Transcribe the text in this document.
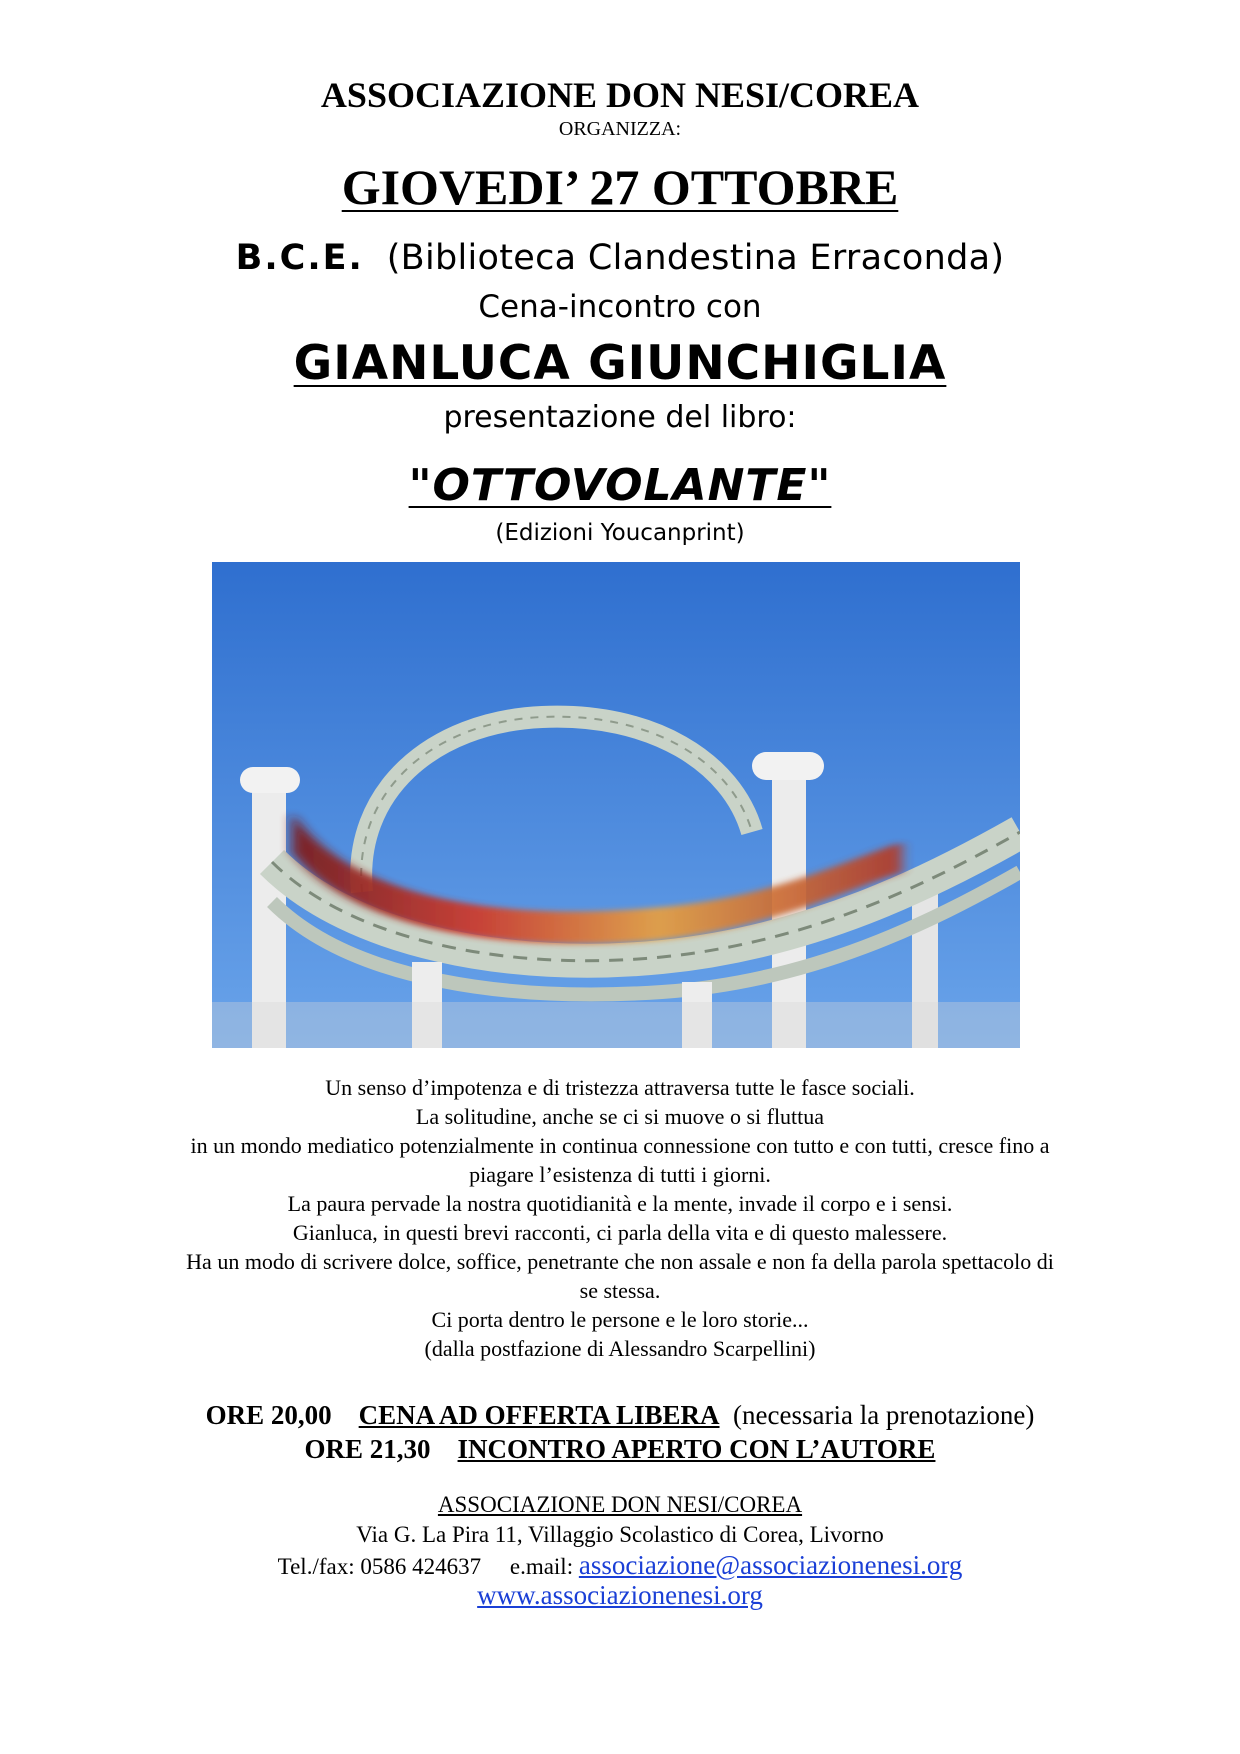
ASSOCIAZIONE DON NESI/COREA
ORGANIZZA:
GIOVEDI’ 27 OTTOBRE
B.C.E. (Biblioteca Clandestina Erraconda)
Cena-incontro con
GIANLUCA GIUNCHIGLIA
presentazione del libro:
"OTTOVOLANTE"
(Edizioni Youcanprint)
Un senso d’impotenza e di tristezza attraversa tutte le fasce sociali.
La solitudine, anche se ci si muove o si fluttua
in un mondo mediatico potenzialmente in continua connessione con tutto e con tutti, cresce fino a
piagare l’esistenza di tutti i giorni.
La paura pervade la nostra quotidianità e la mente, invade il corpo e i sensi.
Gianluca, in questi brevi racconti, ci parla della vita e di questo malessere.
Ha un modo di scrivere dolce, soffice, penetrante che non assale e non fa della parola spettacolo di
se stessa.
Ci porta dentro le persone e le loro storie...
(dalla postfazione di Alessandro Scarpellini)
ORE 20,00 CENA AD OFFERTA LIBERA (necessaria la prenotazione)
ORE 21,30 INCONTRO APERTO CON L’AUTORE
ASSOCIAZIONE DON NESI/COREA
Via G. La Pira 11, Villaggio Scolastico di Corea, Livorno
Tel./fax: 0586 424637 e.mail: associazione@associazionenesi.org
www.associazionenesi.org
